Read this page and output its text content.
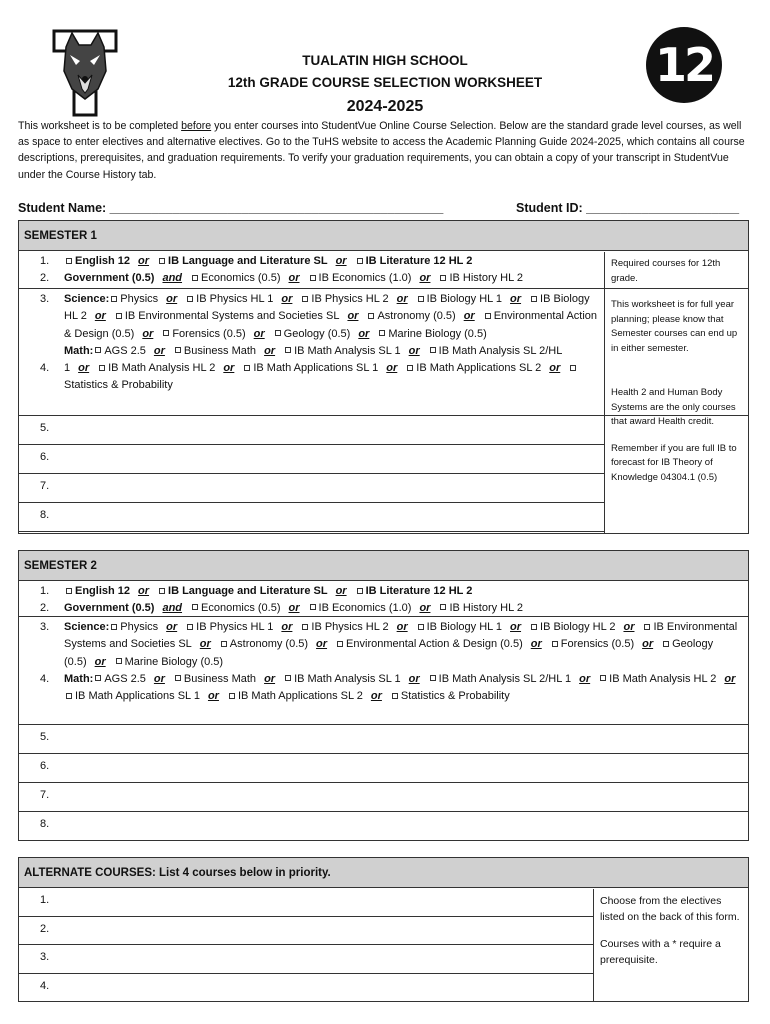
TUALATIN HIGH SCHOOL
12th GRADE COURSE SELECTION WORKSHEET
2024-2025
12
This worksheet is to be completed before you enter courses into StudentVue Online Course Selection. Below are the standard grade level courses, as well as space to enter electives and alternative electives. Go to the TuHS website to access the Academic Planning Guide 2024-2025, which contains all course descriptions, prerequisites, and graduation requirements. To verify your graduation requirements, you can obtain a copy of your transcript in StudentVue under the Course History tab.
Student Name: ________________________________________________	Student ID: ______________________
SEMESTER 1
1.
2.
English 12 or IB Language and Literature SL or IB Literature 12 HL 2
Government (0.5) and Economics (0.5) or IB Economics (1.0) or IB History HL 2
3.

4.
Science: Physics or IB Physics HL 1 or IB Physics HL 2 or IB Biology HL 1 or IB Biology HL 2 or IB Environmental Systems and Societies SL or Astronomy (0.5) or Environmental Action & Design (0.5) or Forensics (0.5) or Geology (0.5) or Marine Biology (0.5)
Math: AGS 2.5 or Business Math or IB Math Analysis SL 1 or IB Math Analysis SL 2/HL 1 or IB Math Analysis HL 2 or IB Math Applications SL 1 or IB Math Applications SL 2 orStatistics & Probability
5.
6.
7.
8.

Required courses for 12th grade.

This worksheet is for full year planning; please know that Semester courses can end up in either semester.

Health 2 and Human Body Systems are the only courses that award Health credit.

Remember if you are full IB to forecast for IB Theory of Knowledge 04304.1 (0.5)

SEMESTER 2
1.
2.
English 12 or IB Language and Literature SL or IB Literature 12 HL 2
Government (0.5) and Economics (0.5) or IB Economics (1.0) or IB History HL 2
3.

4.
Science: Physics or IB Physics HL 1 or IB Physics HL 2 or IB Biology HL 1 or IB Biology HL 2 or IB Environmental Systems and Societies SL or Astronomy (0.5) or Environmental Action & Design (0.5) or Forensics (0.5) or Geology (0.5) or Marine Biology (0.5)
Math: AGS 2.5 or Business Math or IB Math Analysis SL 1 or IB Math Analysis SL 2/HL 1 or IB Math Analysis HL 2 orIB Math Applications SL 1 or IB Math Applications SL 2 or Statistics & Probability
5.
6.
7.
8.
ALTERNATE COURSES: List 4 courses below in priority.
1.
2.
3.
4.

Choose from the electives listed on the back of this form.

Courses with a * require a prerequisite.
